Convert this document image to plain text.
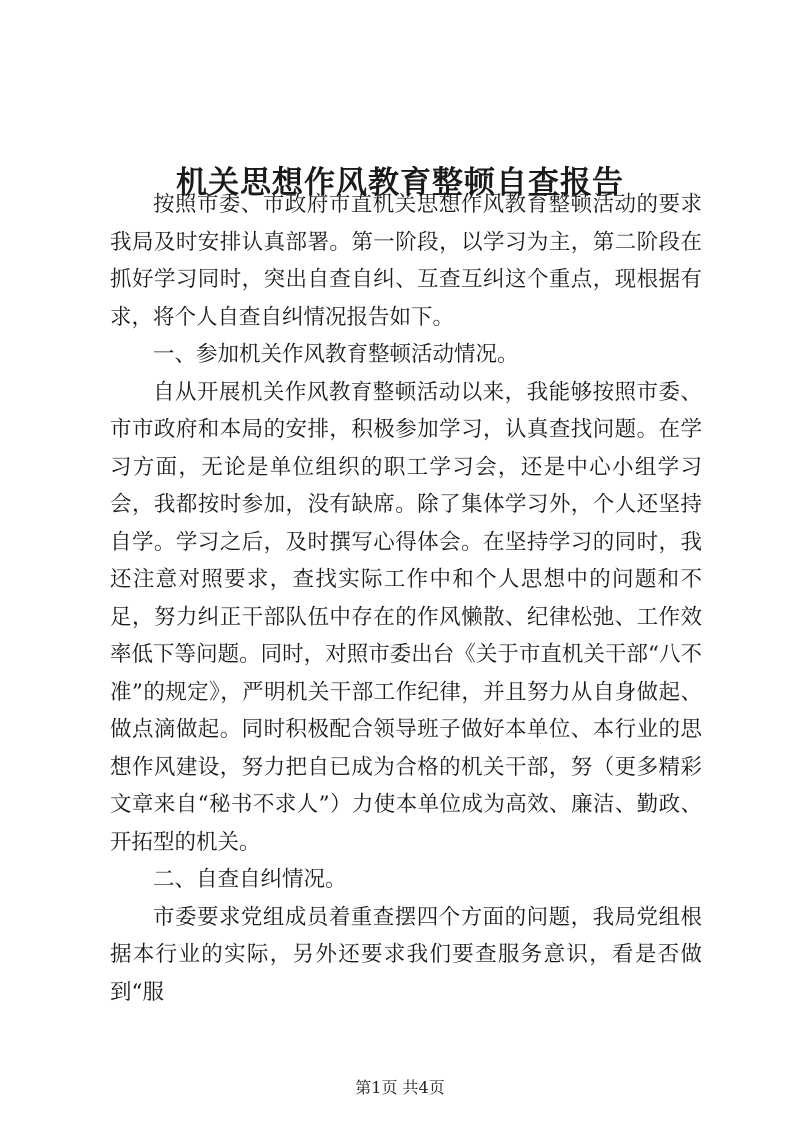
机关思想作风教育整顿自查报告

按照市委、市政府市直机关思想作风教育整顿活动的要求我局及时安排认真部署。第一阶段，以学习为主，第二阶段在抓好学习同时，突出自查自纠、互查互纠这个重点，现根据有求，将个人自查自纠情况报告如下。

一、参加机关作风教育整顿活动情况。

自从开展机关作风教育整顿活动以来，我能够按照市委、市市政府和本局的安排，积极参加学习，认真查找问题。在学习方面，无论是单位组织的职工学习会，还是中心小组学习会，我都按时参加，没有缺席。除了集体学习外，个人还坚持自学。学习之后，及时撰写心得体会。在坚持学习的同时，我还注意对照要求，查找实际工作中和个人思想中的问题和不足，努力纠正干部队伍中存在的作风懒散、纪律松弛、工作效率低下等问题。同时，对照市委出台《关于市直机关干部“八不准”的规定》，严明机关干部工作纪律，并且努力从自身做起、做点滴做起。同时积极配合领导班子做好本单位、本行业的思想作风建设，努力把自已成为合格的机关干部，努（更多精彩文章来自“秘书不求人”）力使本单位成为高效、廉洁、勤政、开拓型的机关。

二、自查自纠情况。

市委要求党组成员着重查摆四个方面的问题，我局党组根据本行业的实际，另外还要求我们要查服务意识，看是否做到“服

第1页 共4页
